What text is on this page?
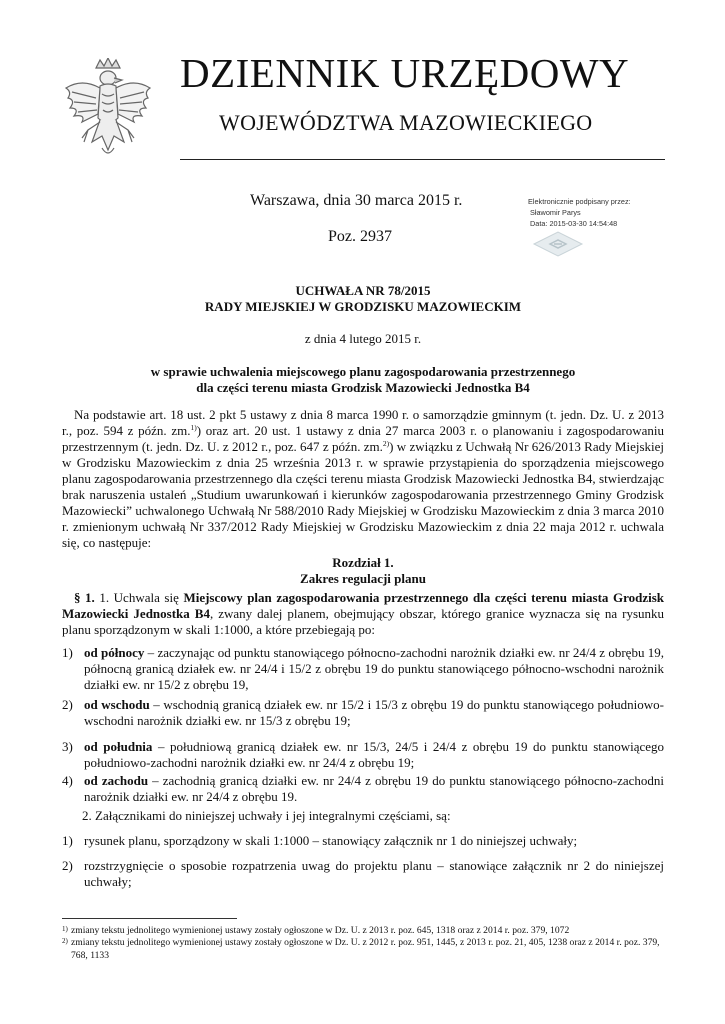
DZIENNIK URZĘDOWY
WOJEWÓDZTWA MAZOWIECKIEGO
Warszawa, dnia 30 marca 2015 r.
Poz. 2937
Elektronicznie podpisany przez:
Sławomir Parys
Data: 2015-03-30 14:54:48
UCHWAŁA NR 78/2015
RADY MIEJSKIEJ W GRODZISKU MAZOWIECKIM
z dnia 4 lutego 2015 r.
w sprawie uchwalenia miejscowego planu zagospodarowania przestrzennego
dla części terenu miasta Grodzisk Mazowiecki Jednostka B4
Na podstawie art. 18 ust. 2 pkt 5 ustawy z dnia 8 marca 1990 r. o samorządzie gminnym (t. jedn. Dz. U. z 2013 r., poz. 594 z późn. zm.$^{1)}$) oraz art. 20 ust. 1 ustawy z dnia 27 marca 2003 r. o planowaniu i zagospodarowaniu przestrzennym (t. jedn. Dz. U. z 2012 r., poz. 647 z późn. zm.$^{2)}$) w związku z Uchwałą Nr 626/2013 Rady Miejskiej w Grodzisku Mazowieckim z dnia 25 września 2013 r. w sprawie przystąpienia do sporządzenia miejscowego planu zagospodarowania przestrzennego dla części terenu miasta Grodzisk Mazowiecki Jednostka B4, stwierdzając brak naruszenia ustaleń „Studium uwarunkowań i kierunków zagospodarowania przestrzennego Gminy Grodzisk Mazowiecki” uchwalonego Uchwałą Nr 588/2010 Rady Miejskiej w Grodzisku Mazowieckim z dnia 3 marca 2010 r. zmienionym uchwałą Nr 337/2012 Rady Miejskiej w Grodzisku Mazowieckim z dnia 22 maja 2012 r. uchwala się, co następuje:
Rozdział 1.
Zakres regulacji planu
§ 1. 1. Uchwala się Miejscowy plan zagospodarowania przestrzennego dla części terenu miasta Grodzisk Mazowiecki Jednostka B4, zwany dalej planem, obejmujący obszar, którego granice wyznacza się na rysunku planu sporządzonym w skali 1:1000, a które przebiegają po:
1) od północy – zaczynając od punktu stanowiącego północno-zachodni narożnik działki ew. nr 24/4 z obrębu 19, północną granicą działek ew. nr 24/4 i 15/2 z obrębu 19 do punktu stanowiącego północno-wschodni narożnik działki ew. nr 15/2 z obrębu 19,
2) od wschodu – wschodnią granicą działek ew. nr 15/2 i 15/3 z obrębu 19 do punktu stanowiącego południowo-wschodni narożnik działki ew. nr 15/3 z obrębu 19;
3) od południa – południową granicą działek ew. nr 15/3, 24/5 i 24/4 z obrębu 19 do punktu stanowiącego południowo-zachodni narożnik działki ew. nr 24/4 z obrębu 19;
4) od zachodu – zachodnią granicą działki ew. nr 24/4 z obrębu 19 do punktu stanowiącego północno-zachodni narożnik działki ew. nr 24/4 z obrębu 19.
2. Załącznikami do niniejszej uchwały i jej integralnymi częściami, są:
1) rysunek planu, sporządzony w skali 1:1000 – stanowiący załącznik nr 1 do niniejszej uchwały;
2) rozstrzygnięcie o sposobie rozpatrzenia uwag do projektu planu – stanowiące załącznik nr 2 do niniejszej uchwały;
1) zmiany tekstu jednolitego wymienionej ustawy zostały ogłoszone w Dz. U. z 2013 r. poz. 645, 1318 oraz z 2014 r. poz. 379, 1072
2) zmiany tekstu jednolitego wymienionej ustawy zostały ogłoszone w Dz. U. z 2012 r. poz. 951, 1445, z 2013 r. poz. 21, 405, 1238 oraz z 2014 r. poz. 379, 768, 1133
